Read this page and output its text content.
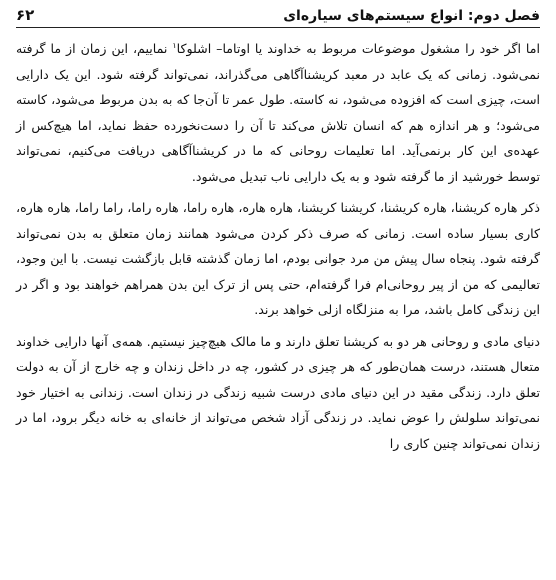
فصل دوم: انواع سیستم‌های سیاره‌ای
۶۲

اما اگر خود را مشغول موضوعات مربوط به خداوند یا اوتاما– اشلوکا$^۱$ نماییم، این زمان از ما گرفته نمی‌شود. زمانی که یک عابد در معبد کریشناآگاهی می‌گذراند، نمی‌تواند گرفته شود. این یک دارایی است، چیزی است که افزوده می‌شود، نه کاسته. طول عمر تا آن‌جا که به بدن مربوط می‌شود، کاسته می‌شود؛ و هر اندازه هم که انسان تلاش می‌کند تا آن را دست‌نخورده حفظ نماید، اما هیچ‌کس از عهده‌ی این کار برنمی‌آید. اما تعلیمات روحانی که ما در کریشناآگاهی دریافت می‌کنیم، نمی‌تواند توسط خورشید از ما گرفته شود و به یک دارایی ناب تبدیل می‌شود.

ذکر هاره کریشنا، هاره کریشنا، کریشنا کریشنا، هاره هاره، هاره راما، هاره راما، راما راما، هاره هاره، کاری بسیار ساده است. زمانی که صرف ذکر کردن می‌شود همانند زمان متعلق به بدن نمی‌تواند گرفته شود. پنجاه سال پیش من مرد جوانی بودم، اما زمان گذشته قابل بازگشت نیست. با این وجود، تعالیمی که من از پیر روحانی‌ام فرا گرفته‌ام، حتی پس از ترک این بدن همراهم خواهند بود و اگر در این زندگی کامل باشد، مرا به منزلگاه ازلی خواهد برند.

دنیای مادی و روحانی هر دو به کریشنا تعلق دارند و ما مالک هیچ‌چیز نیستیم. همه‌ی آنها دارایی خداوند متعال هستند، درست همان‌طور که هر چیزی در کشور، چه در داخل زندان و چه خارج از آن به دولت تعلق دارد. زندگی مقید در این دنیای مادی درست شبیه زندگی در زندان است. زندانی به اختیار خود نمی‌تواند سلولش را عوض نماید. در زندگی آزاد شخص می‌تواند از خانه‌ای به خانه دیگر برود، اما در زندان نمی‌تواند چنین کاری را
